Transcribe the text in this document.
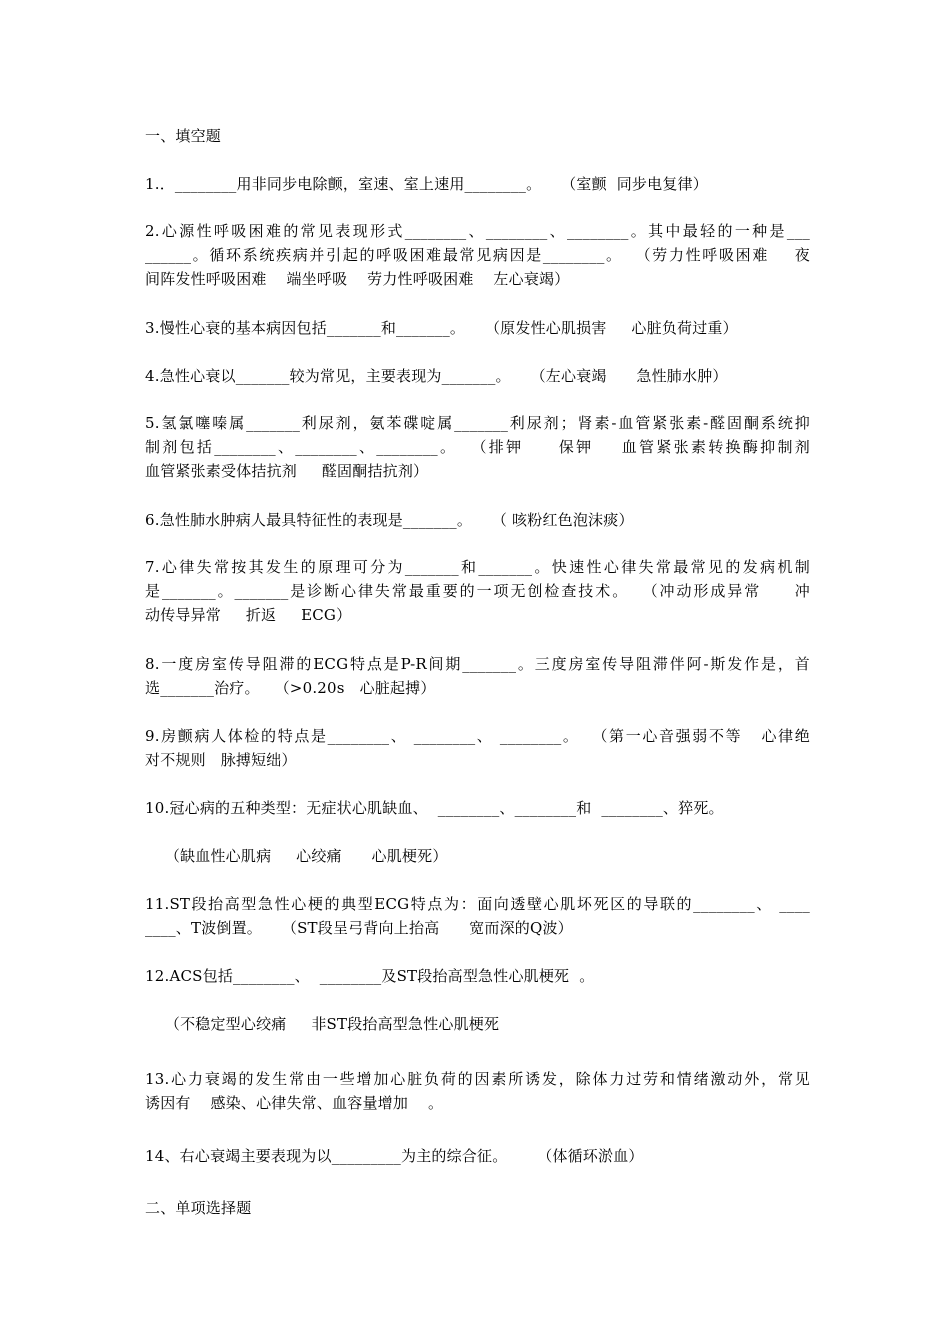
一、填空题
1.．________用非同步电除颤，室速、室上速用________。    （室颤  同步电复律）
2.心源性呼吸困难的常见表现形式________、________、________。其中最轻的一种是___
______。循环系统疾病并引起的呼吸困难最常见病因是________。  （劳力性呼吸困难    夜
间阵发性呼吸困难    端坐呼吸    劳力性呼吸困难    左心衰竭）
3.慢性心衰的基本病因包括_______和_______。    （原发性心肌损害     心脏负荷过重）
4.急性心衰以_______较为常见，主要表现为_______。    （左心衰竭      急性肺水肿）
5.氢氯噻嗪属_______利尿剂，氨苯碟啶属_______利尿剂；肾素-血管紧张素-醛固酮系统抑
制剂包括________、________、________。  （排钾     保钾    血管紧张素转换酶抑制剂
血管紧张素受体拮抗剂     醛固酮拮抗剂）
6.急性肺水肿病人最具特征性的表现是_______。    （ 咳粉红色泡沫痰）
7.心律失常按其发生的原理可分为_______和_______。快速性心律失常最常见的发病机制
是_______。_______是诊断心律失常最重要的一项无创检查技术。  （冲动形成异常     冲
动传导异常     折返     ECG）
8.一度房室传导阻滞的ECG特点是P-R间期_______。三度房室传导阻滞伴阿-斯发作是，首
选_______治疗。   （>0.20s   心脏起搏）
9.房颤病人体检的特点是________、 ________、 ________。  （第一心音强弱不等   心律绝
对不规则   脉搏短绌）
10.冠心病的五种类型：无症状心肌缺血、  ________、________和  ________、猝死。
（缺血性心肌病     心绞痛      心肌梗死）
11.ST段抬高型急性心梗的典型ECG特点为：面向透壁心肌坏死区的导联的________、 ____
____、T波倒置。    （ST段呈弓背向上抬高      宽而深的Q波）
12.ACS包括________、  ________及ST段抬高型急性心肌梗死  。
（不稳定型心绞痛     非ST段抬高型急性心肌梗死
13.心力衰竭的发生常由一些增加心脏负荷的因素所诱发，除体力过劳和情绪激动外，常见
诱因有    感染、心律失常、血容量增加    。
14、右心衰竭主要表现为以_________为主的综合征。      （体循环淤血）
二、单项选择题
